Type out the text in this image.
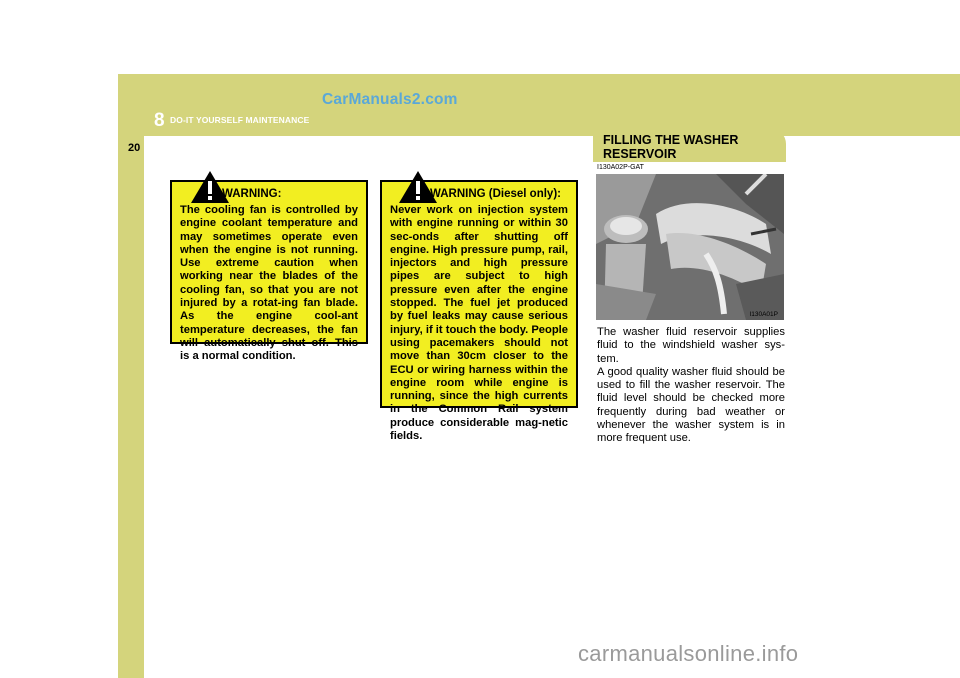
8 DO-IT YOURSELF MAINTENANCE
CarManuals2.com
20
FILLING THE WASHER RESERVOIR
WARNING:
The cooling fan is controlled by engine coolant temperature and may sometimes operate even when the engine is not running. Use extreme caution when working near the blades of the cooling fan, so that you are not injured by a rotat-ing fan blade. As the engine cool-ant temperature decreases, the fan will automatically shut off. This is a normal condition.
WARNING (Diesel only):
Never work on injection system with engine running or within 30 sec-onds after shutting off engine. High pressure pump, rail, injectors and high pressure pipes are subject to high pressure even after the engine stopped. The fuel jet produced by fuel leaks may cause serious injury, if it touch the body. People using pacemakers should not move than 30cm closer to the ECU or wiring harness within the engine room while engine is running, since the high currents in the Common Rail system produce considerable mag-netic fields.
I130A02P-GAT
I130A01P

The washer fluid reservoir supplies fluid to the windshield washer sys-tem.

A good quality washer fluid should be used to fill the washer reservoir. The fluid level should be checked more frequently during bad weather or whenever the washer system is in more frequent use.

carmanualsonline.info
